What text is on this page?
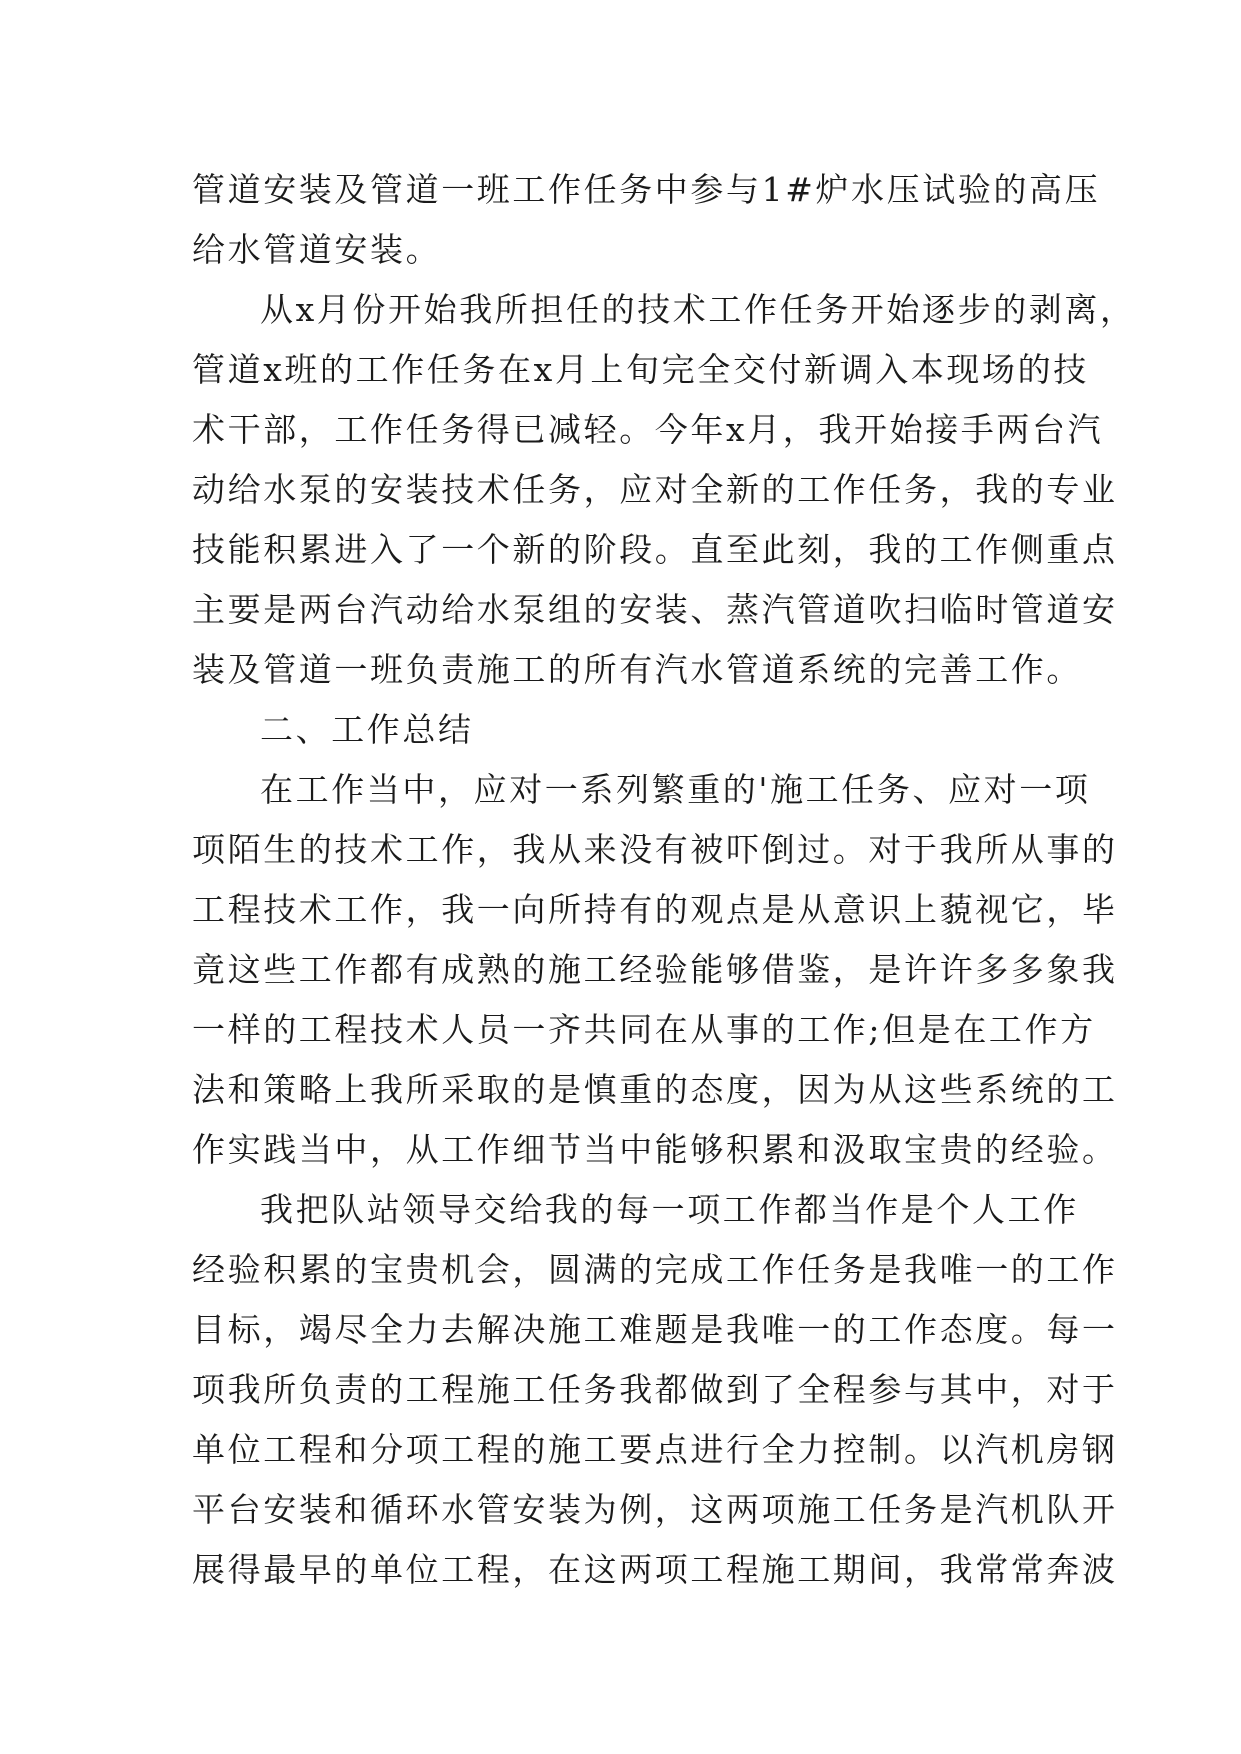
管道安装及管道一班工作任务中参与1#炉水压试验的高压
给水管道安装。
从x月份开始我所担任的技术工作任务开始逐步的剥离，
管道x班的工作任务在x月上旬完全交付新调入本现场的技
术干部，工作任务得已减轻。今年x月，我开始接手两台汽
动给水泵的安装技术任务，应对全新的工作任务，我的专业
技能积累进入了一个新的阶段。直至此刻，我的工作侧重点
主要是两台汽动给水泵组的安装、蒸汽管道吹扫临时管道安
装及管道一班负责施工的所有汽水管道系统的完善工作。
二、工作总结
在工作当中，应对一系列繁重的'施工任务、应对一项
项陌生的技术工作，我从来没有被吓倒过。对于我所从事的
工程技术工作，我一向所持有的观点是从意识上藐视它，毕
竟这些工作都有成熟的施工经验能够借鉴，是许许多多象我
一样的工程技术人员一齐共同在从事的工作;但是在工作方
法和策略上我所采取的是慎重的态度，因为从这些系统的工
作实践当中，从工作细节当中能够积累和汲取宝贵的经验。
我把队站领导交给我的每一项工作都当作是个人工作
经验积累的宝贵机会，圆满的完成工作任务是我唯一的工作
目标，竭尽全力去解决施工难题是我唯一的工作态度。每一
项我所负责的工程施工任务我都做到了全程参与其中，对于
单位工程和分项工程的施工要点进行全力控制。以汽机房钢
平台安装和循环水管安装为例，这两项施工任务是汽机队开
展得最早的单位工程，在这两项工程施工期间，我常常奔波
